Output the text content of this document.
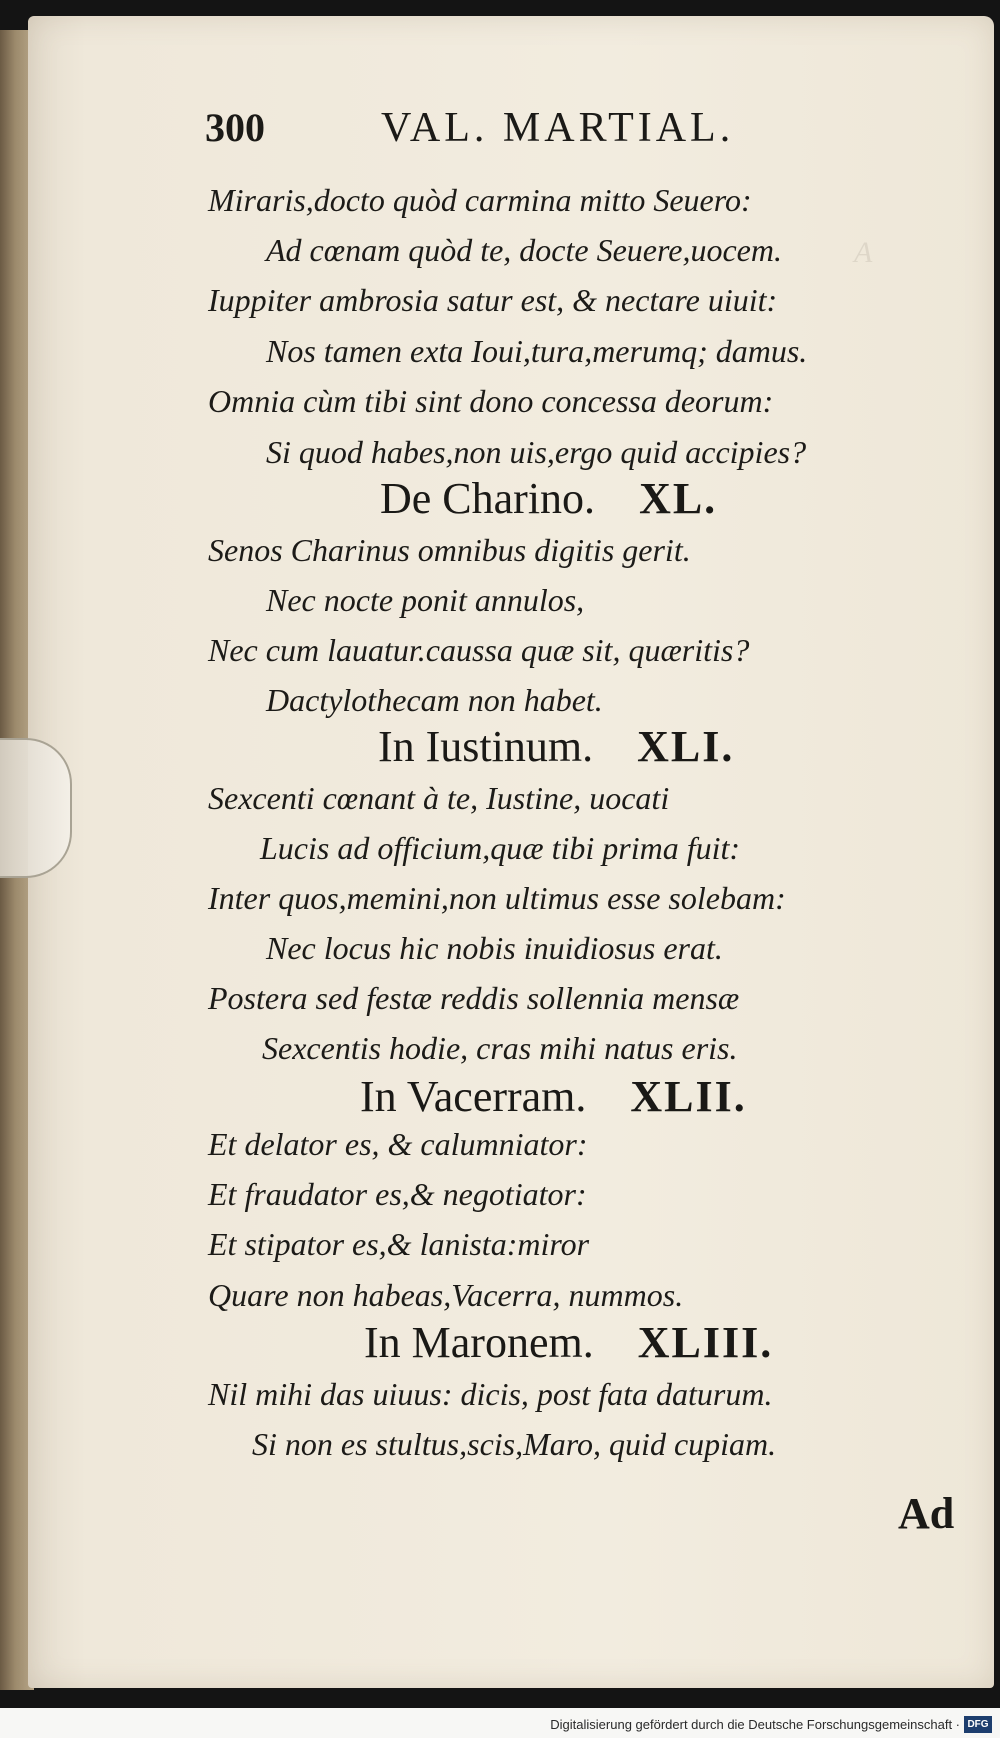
A
300	VAL. MARTIAL.
Miraris,docto quòd carmina mitto Seuero:
Ad cœnam quòd te, docte Seuere,uocem.
Iuppiter ambrosia satur est, & nectare uiuit:
Nos tamen exta Ioui,tura,merumq; damus.
Omnia cùm tibi sint dono concessa deorum:
Si quod habes,non uis,ergo quid accipies?
De Charino. XL.
Senos Charinus omnibus digitis gerit.
Nec nocte ponit annulos,
Nec cum lauatur.caussa quæ sit, quæritis?
Dactylothecam non habet.
In Iustinum. XLI.
Sexcenti cœnant à te, Iustine, uocati
Lucis ad officium,quæ tibi prima fuit:
Inter quos,memini,non ultimus esse solebam:
Nec locus hic nobis inuidiosus erat.
Postera sed festæ reddis sollennia mensæ
Sexcentis hodie, cras mihi natus eris.
In Vacerram. XLII.
Et delator es, & calumniator:
Et fraudator es,& negotiator:
Et stipator es,& lanista:miror
Quare non habeas,Vacerra, nummos.
In Maronem. XLIII.
Nil mihi das uiuus: dicis, post fata daturum.
Si non es stultus,scis,Maro, quid cupiam.
Ad
Digitalisierung gefördert durch die Deutsche Forschungsgemeinschaft · DFG
